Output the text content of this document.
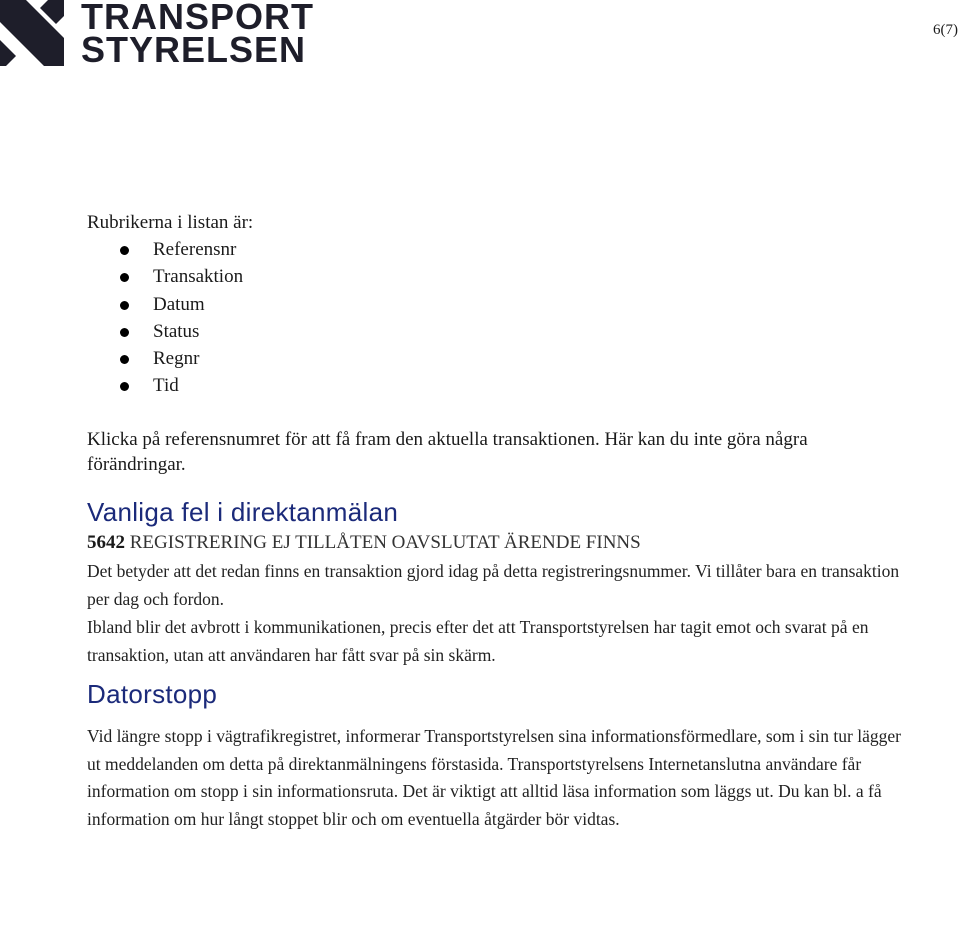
TRANSPORT
STYRELSEN	6(7)

Rubrikerna i listan är:

Referensnr
Transaktion
Datum
Status
Regnr
Tid

Klicka på referensnumret för att få fram den aktuella transaktionen. Här kan du inte göra några förändringar.

Vanliga fel i direktanmälan

5642 REGISTRERING EJ TILLÅTEN OAVSLUTAT ÄRENDE FINNS

Det betyder att det redan finns en transaktion gjord idag på detta registreringsnummer. Vi tillåter bara en transaktion per dag och fordon.

Ibland blir det avbrott i kommunikationen, precis efter det att Transportstyrelsen har tagit emot och svarat på en transaktion, utan att användaren har fått svar på sin skärm.

Datorstopp

Vid längre stopp i vägtrafikregistret, informerar Transportstyrelsen sina informationsförmedlare, som i sin tur lägger ut meddelanden om detta på direktanmälningens förstasida. Transportstyrelsens Internetanslutna användare får information om stopp i sin informationsruta. Det är viktigt att alltid läsa information som läggs ut. Du kan bl. a få information om hur långt stoppet blir och om eventuella åtgärder bör vidtas.
